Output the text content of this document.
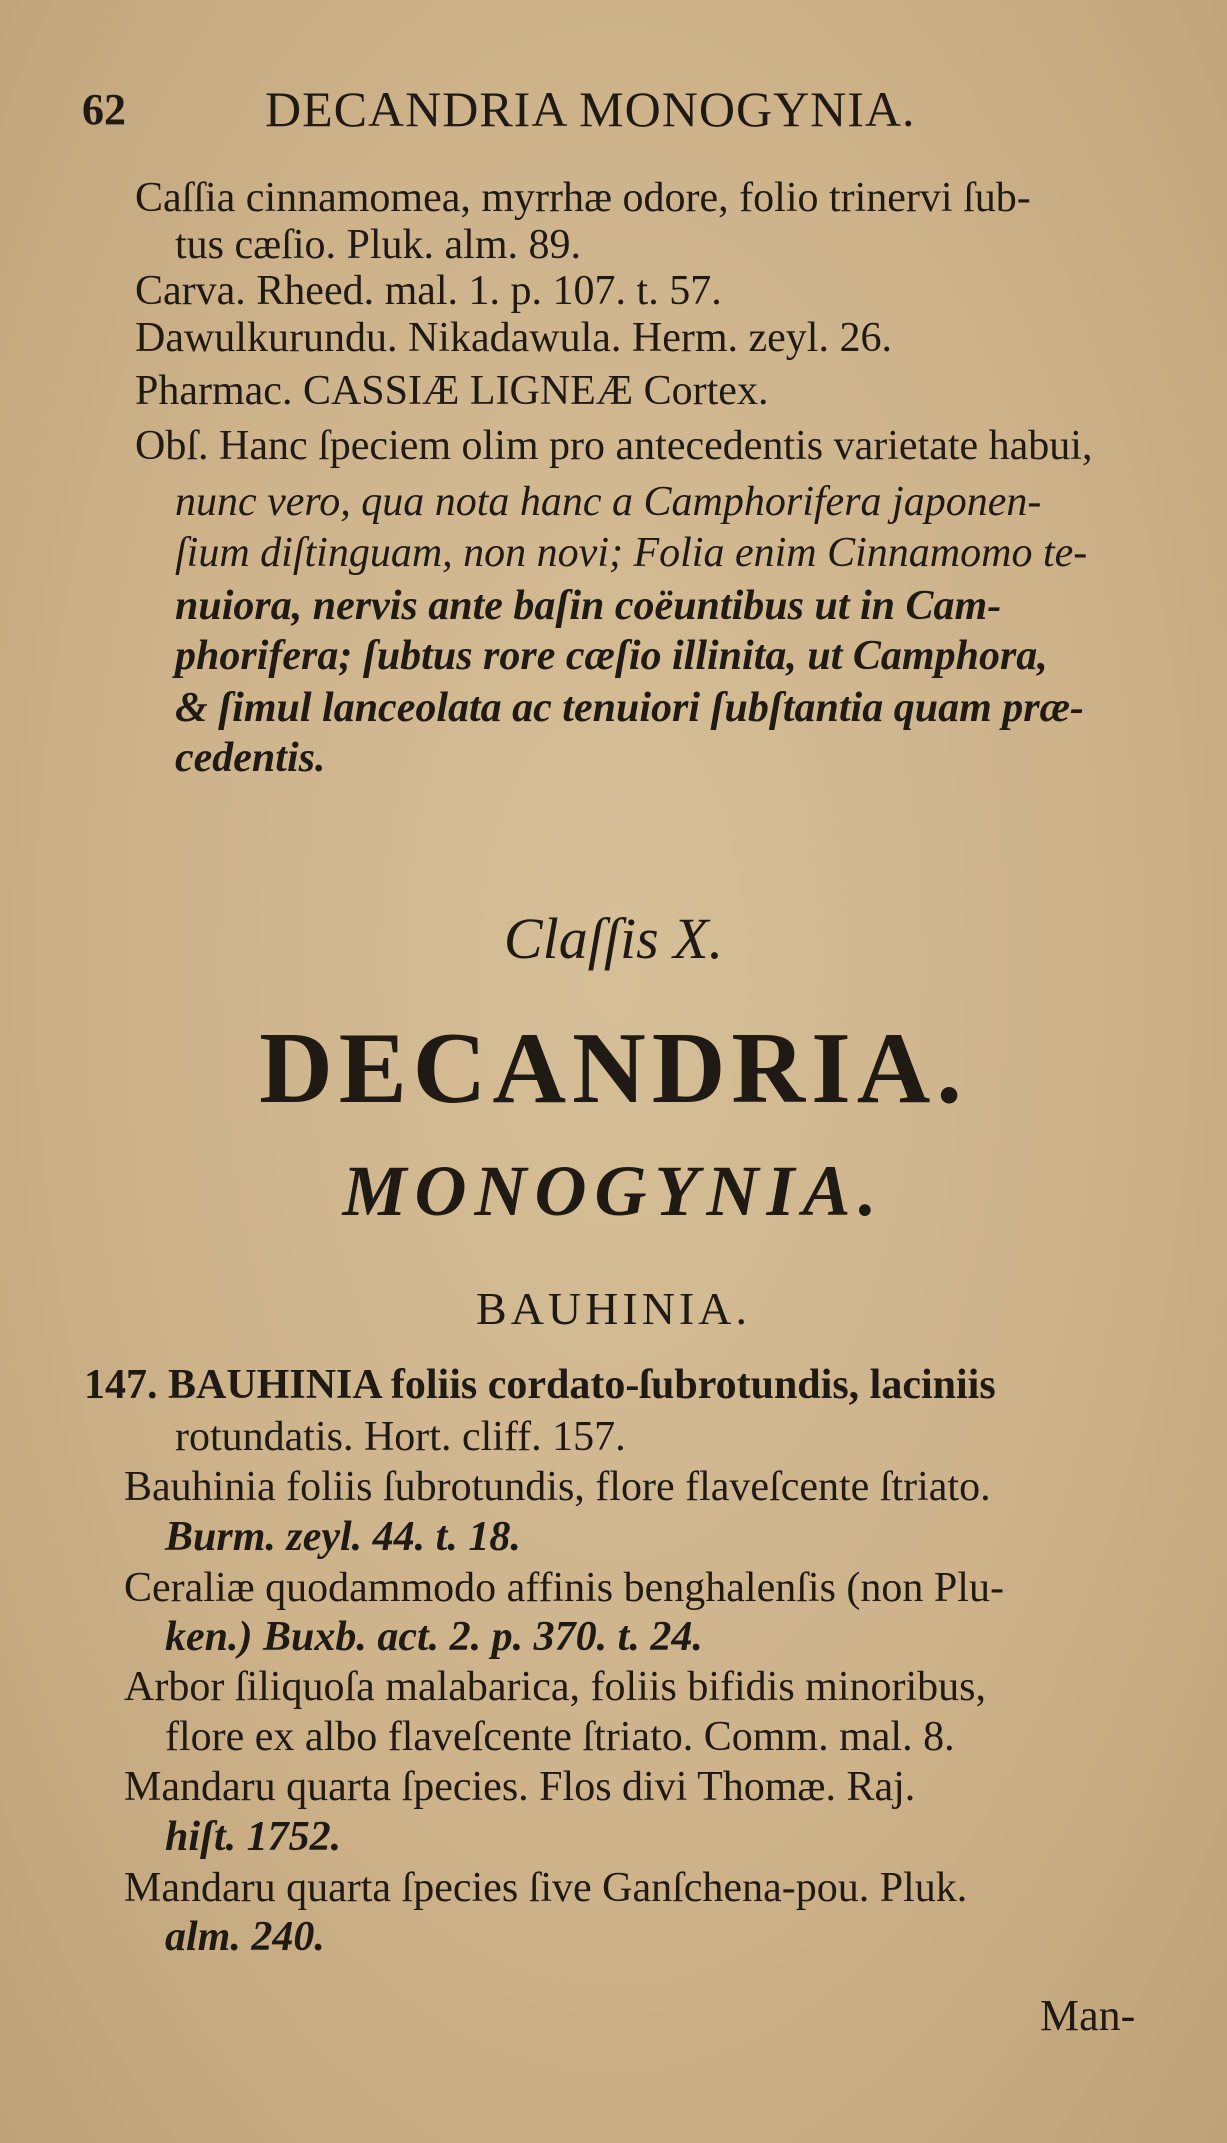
62	DECANDRIA MONOGYNIA.
Caſſia cinnamomea, myrrhæ odore, folio trinervi ſub-
tus cæſio. Pluk. alm. 89.
Carva. Rheed. mal. 1. p. 107. t. 57.
Dawulkurundu. Nikadawula. Herm. zeyl. 26.
Pharmac. CASSIÆ LIGNEÆ Cortex.
Obſ. Hanc ſpeciem olim pro antecedentis varietate habui,
nunc vero, qua nota hanc a Camphorifera japonen-
ſium diſtinguam, non novi; Folia enim Cinnamomo te-
nuiora, nervis ante baſin coëuntibus ut in Cam-
phorifera; ſubtus rore cæſio illinita, ut Camphora,
& ſimul lanceolata ac tenuiori ſubſtantia quam præ-
cedentis.
Claſſis X.
DECANDRIA.
MONOGYNIA.
BAUHINIA.
147. BAUHINIA foliis cordato-ſubrotundis, laciniis
rotundatis. Hort. cliff. 157.
Bauhinia foliis ſubrotundis, flore flaveſcente ſtriato.
Burm. zeyl. 44. t. 18.
Ceraliæ quodammodo affinis benghalenſis (non Plu-
ken.) Buxb. act. 2. p. 370. t. 24.
Arbor ſiliquoſa malabarica, foliis bifidis minoribus,
flore ex albo flaveſcente ſtriato. Comm. mal. 8.
Mandaru quarta ſpecies. Flos divi Thomæ. Raj.
hiſt. 1752.
Mandaru quarta ſpecies ſive Ganſchena-pou. Pluk.
alm. 240.
Man-
